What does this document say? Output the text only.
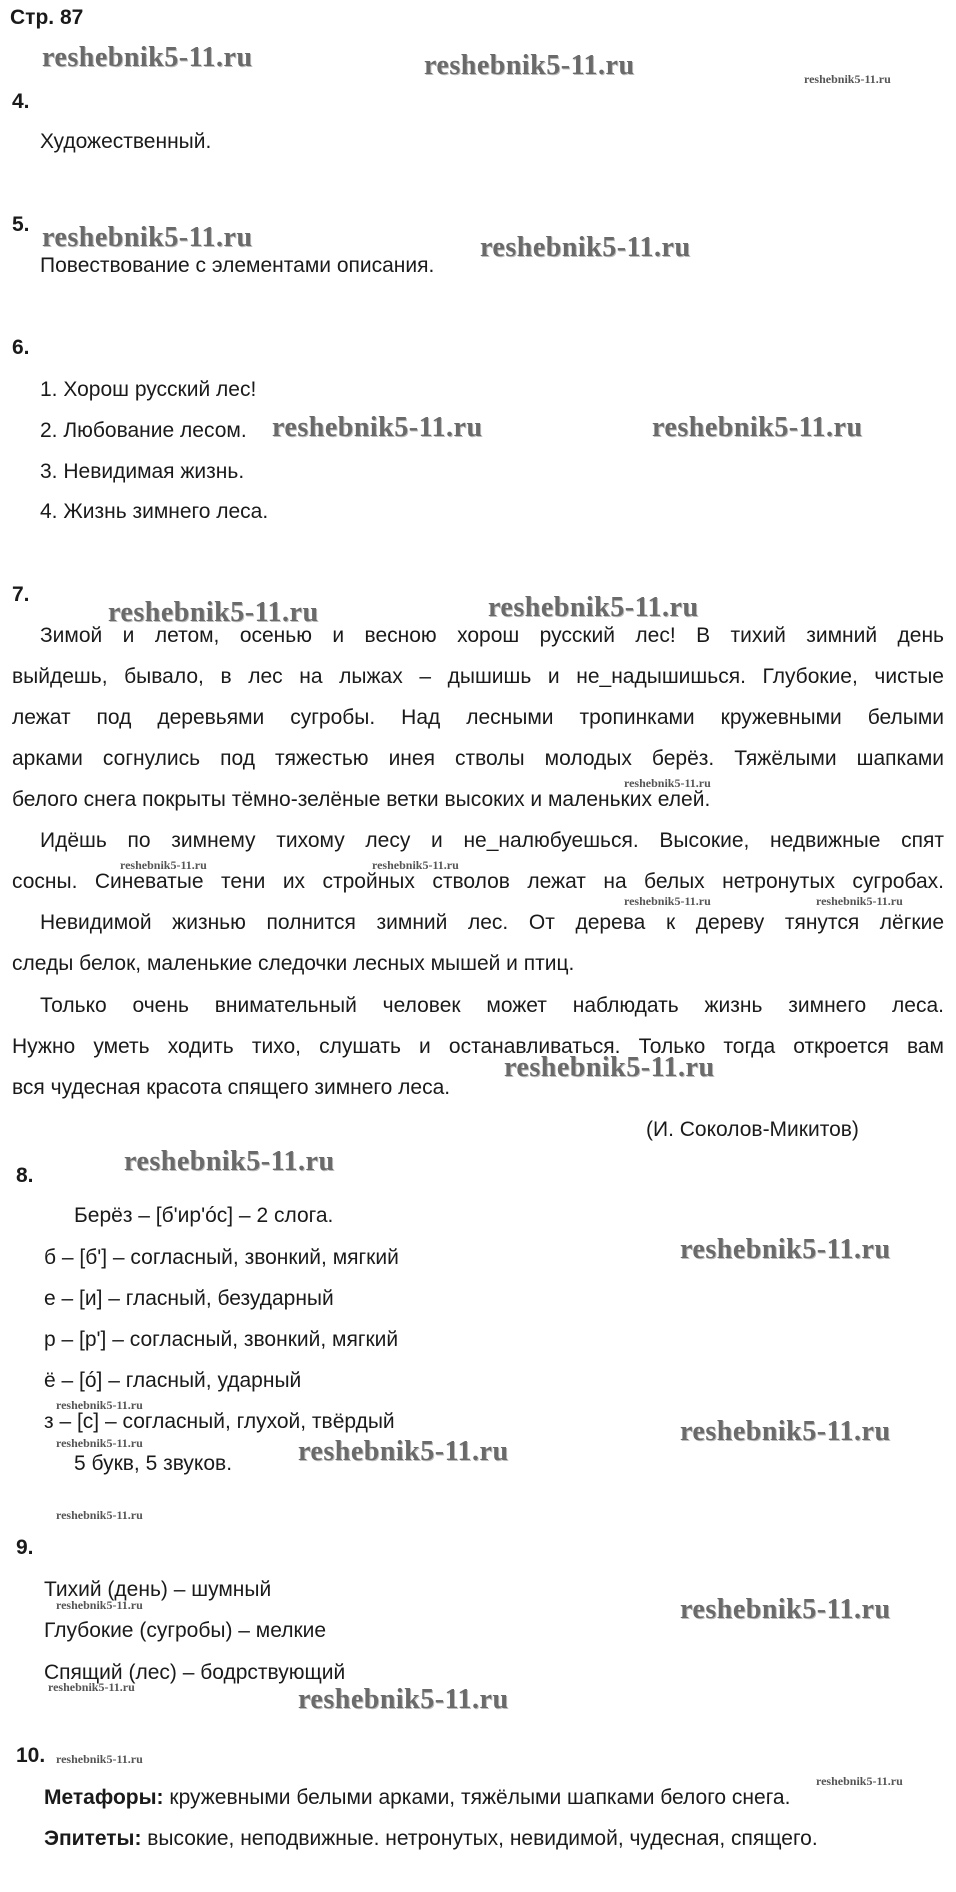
Стр. 87
4.
Художественный.
5.
Повествование с элементами описания.
6.
1. Хорош русский лес!
2. Любование лесом.
3. Невидимая жизнь.
4. Жизнь зимнего леса.
7.
Зимой и летом, осенью и весною хорош русский лес! В тихий зимний день
выйдешь, бывало, в лес на лыжах – дышишь и не_надышишься. Глубокие, чистые
лежат под деревьями сугробы. Над лесными тропинками кружевными белыми
арками согнулись под тяжестью инея стволы молодых берёз. Тяжёлыми шапками
белого снега покрыты тёмно-зелёные ветки высоких и маленьких елей.
Идёшь по зимнему тихому лесу и не_налюбуешься. Высокие, недвижные спят
сосны. Синеватые тени их стройных стволов лежат на белых нетронутых сугробах.
Невидимой жизнью полнится зимний лес. От дерева к дереву тянутся лёгкие
следы белок, маленькие следочки лесных мышей и птиц.
Только очень внимательный человек может наблюдать жизнь зимнего леса.
Нужно уметь ходить тихо, слушать и останавливаться. Только тогда откроется вам
вся чудесная красота спящего зимнего леса.
(И. Соколов-Микитов)
8.
Берёз – [б'ир'óс] – 2 слога.
б – [б'] – согласный, звонкий, мягкий
е – [и] – гласный, безударный
р – [р'] – согласный, звонкий, мягкий
ё – [ó] – гласный, ударный
з – [с] – согласный, глухой, твёрдый
5 букв, 5 звуков.
9.
Тихий (день) – шумный
Глубокие (сугробы) – мелкие
Спящий (лес) – бодрствующий
10.
Метафоры: кружевными белыми арками, тяжёлыми шапками белого снега.
Эпитеты: высокие, неподвижные. нетронутых, невидимой, чудесная, спящего.
reshebnik5-11.ru	reshebnik5-11.ru	reshebnik5-11.ru
reshebnik5-11.ru	reshebnik5-11.ru
reshebnik5-11.ru	reshebnik5-11.ru
reshebnik5-11.ru	reshebnik5-11.ru
reshebnik5-11.ru
reshebnik5-11.ru	reshebnik5-11.ru
reshebnik5-11.ru	reshebnik5-11.ru
reshebnik5-11.ru
reshebnik5-11.ru
reshebnik5-11.ru
reshebnik5-11.ru
reshebnik5-11.ru	reshebnik5-11.ru
reshebnik5-11.ru
reshebnik5-11.ru
reshebnik5-11.ru	reshebnik5-11.ru
reshebnik5-11.ru	reshebnik5-11.ru
reshebnik5-11.ru
reshebnik5-11.ru
